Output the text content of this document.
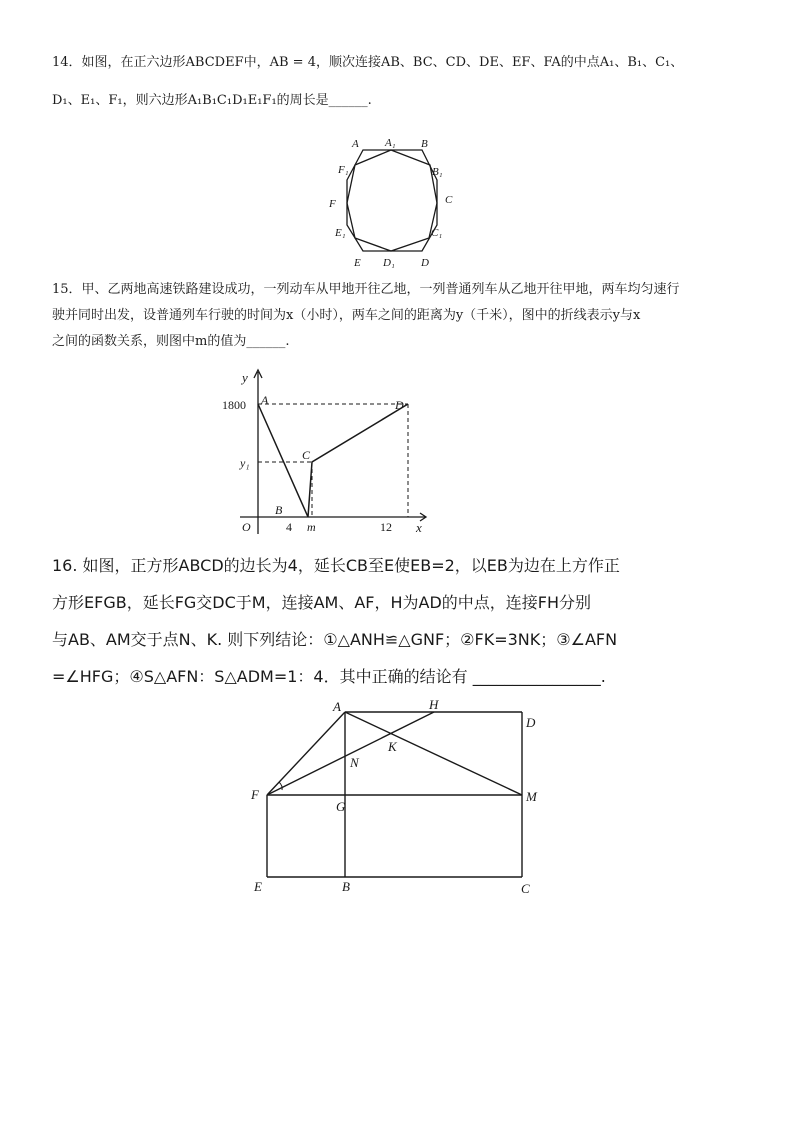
14．如图，在正六边形ABCDEF中，AB = 4，顺次连接AB、BC、CD、DE、EF、FA的中点A₁、B₁、C₁、
D₁、E₁、F₁，则六边形A₁B₁C₁D₁E₁F₁的周长是______.
A A₁ B
F₁	B₁
F	C
E₁	C₁
E D₁ D
15．甲、乙两地高速铁路建设成功，一列动车从甲地开往乙地，一列普通列车从乙地开往甲地，两车均匀速行
驶并同时出发，设普通列车行驶的时间为x（小时），两车之间的距离为y（千米），图中的折线表示y与x
之间的函数关系，则图中m的值为______.
y
x
1800
y₁
O	4 m	12
A
B
C
D
16. 如图，正方形ABCD的边长为4，延长CB至E使EB=2，以EB为边在上方作正
方形EFGB，延长FG交DC于M，连接AM、AF，H为AD的中点，连接FH分别
与AB、AM交于点N、K. 则下列结论：①△ANH≌△GNF；②FK=3NK；③∠AFN
=∠HFG；④S△AFN：S△ADM=1：4．其中正确的结论有 ________________.
A	H
D
K
N
F
G
M
E	B	C
